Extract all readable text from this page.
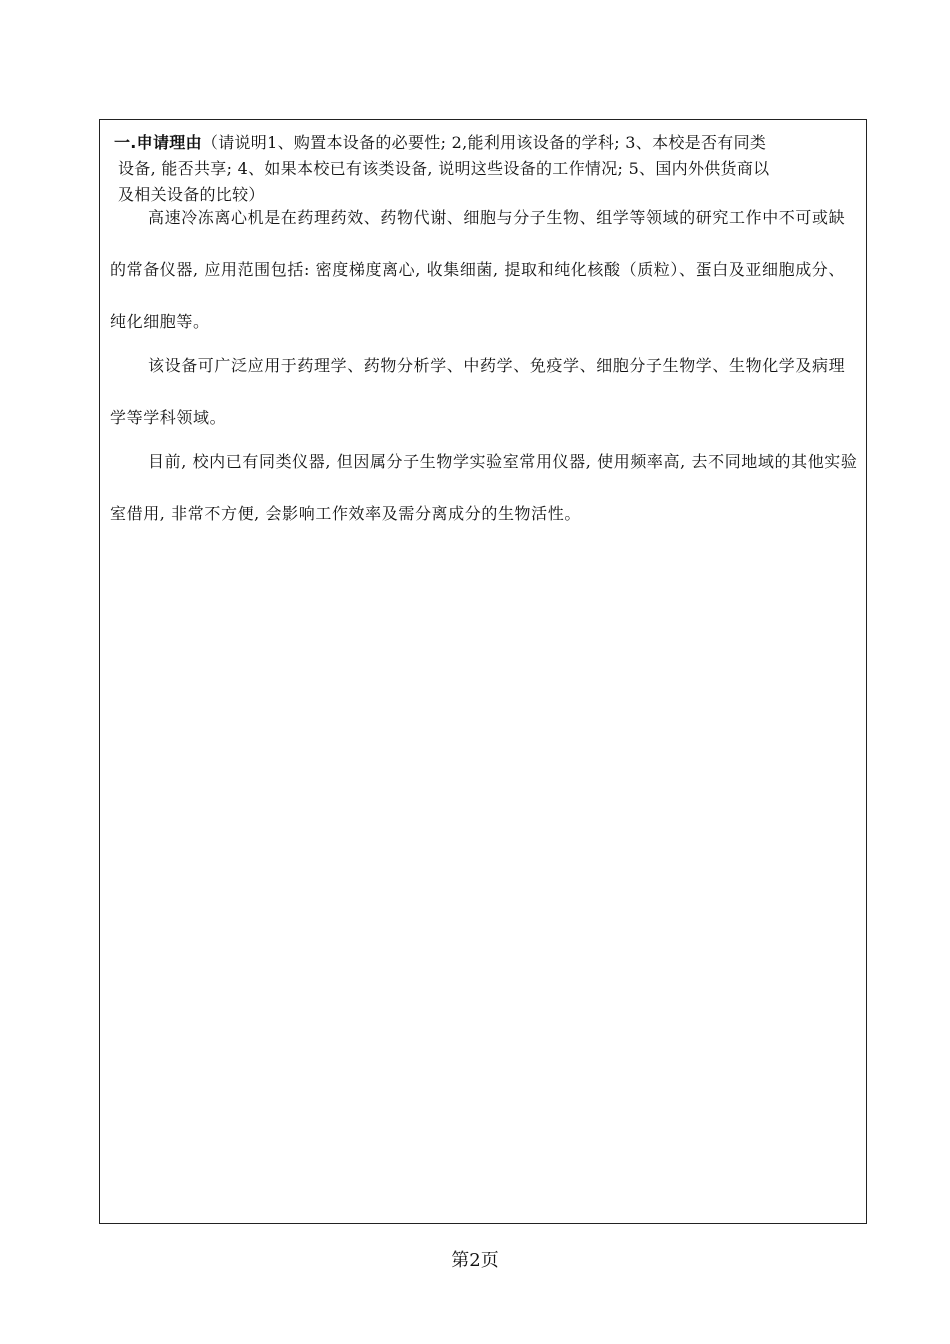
一.申请理由（请说明1、购置本设备的必要性; 2,能利用该设备的学科; 3、本校是否有同类
设备, 能否共享; 4、如果本校已有该类设备, 说明这些设备的工作情况; 5、国内外供货商以
及相关设备的比较）

高速冷冻离心机是在药理药效、药物代谢、细胞与分子生物、组学等领域的研究工作中不可或缺的常备仪器, 应用范围包括: 密度梯度离心, 收集细菌, 提取和纯化核酸（质粒）、蛋白及亚细胞成分、纯化细胞等。

该设备可广泛应用于药理学、药物分析学、中药学、免疫学、细胞分子生物学、生物化学及病理学等学科领域。

目前, 校内已有同类仪器, 但因属分子生物学实验室常用仪器, 使用频率高, 去不同地域的其他实验室借用, 非常不方便, 会影响工作效率及需分离成分的生物活性。

第2页
